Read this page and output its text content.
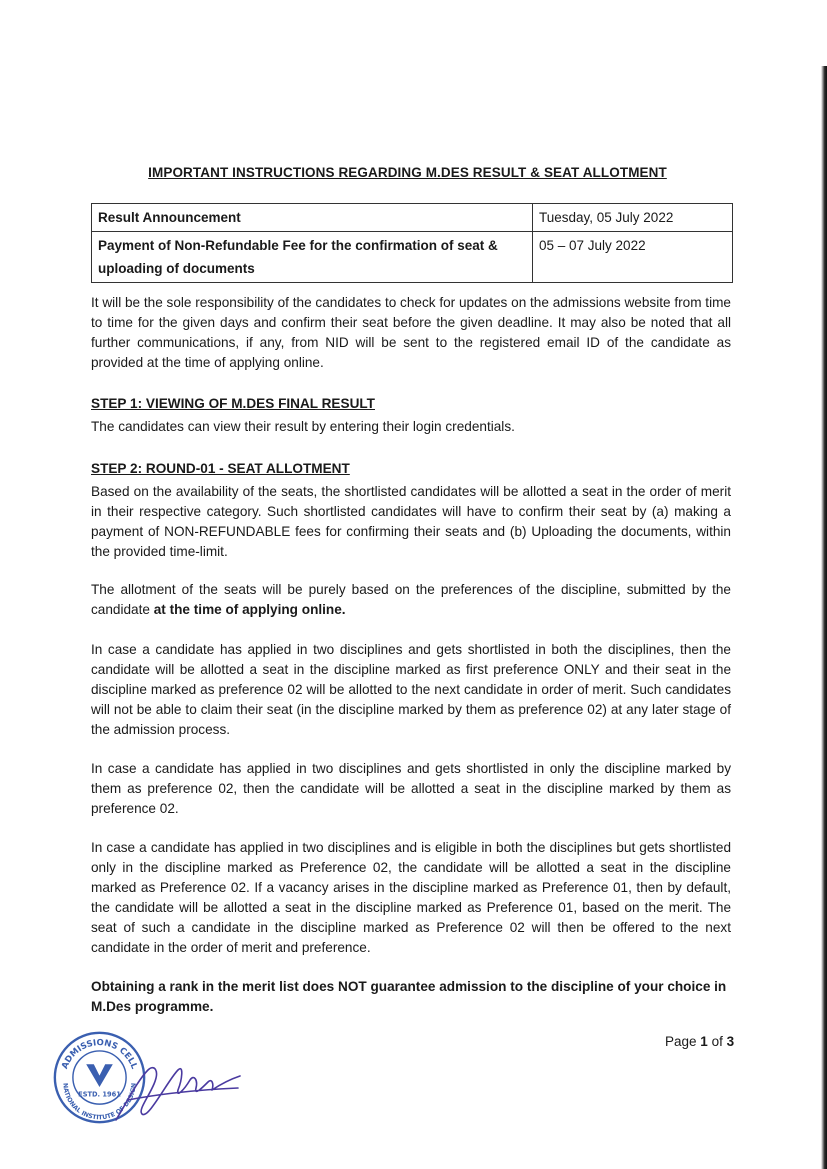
IMPORTANT INSTRUCTIONS REGARDING M.DES RESULT & SEAT ALLOTMENT
Result Announcement	Tuesday, 05 July 2022
Payment of Non-Refundable Fee for the confirmation of seat & uploading of documents	05 – 07 July 2022

It will be the sole responsibility of the candidates to check for updates on the admissions website from time to time for the given days and confirm their seat before the given deadline. It may also be noted that all further communications, if any, from NID will be sent to the registered email ID of the candidate as provided at the time of applying online.

STEP 1: VIEWING OF M.DES FINAL RESULT

The candidates can view their result by entering their login credentials.

STEP 2: ROUND-01 - SEAT ALLOTMENT

Based on the availability of the seats, the shortlisted candidates will be allotted a seat in the order of merit in their respective category. Such shortlisted candidates will have to confirm their seat by (a) making a payment of NON-REFUNDABLE fees for confirming their seats and (b) Uploading the documents, within the provided time-limit.

The allotment of the seats will be purely based on the preferences of the discipline, submitted by the candidate at the time of applying online.

In case a candidate has applied in two disciplines and gets shortlisted in both the disciplines, then the candidate will be allotted a seat in the discipline marked as first preference ONLY and their seat in the discipline marked as preference 02 will be allotted to the next candidate in order of merit. Such candidates will not be able to claim their seat (in the discipline marked by them as preference 02) at any later stage of the admission process.

In case a candidate has applied in two disciplines and gets shortlisted in only the discipline marked by them as preference 02, then the candidate will be allotted a seat in the discipline marked by them as preference 02.

In case a candidate has applied in two disciplines and is eligible in both the disciplines but gets shortlisted only in the discipline marked as Preference 02, the candidate will be allotted a seat in the discipline marked as Preference 02. If a vacancy arises in the discipline marked as Preference 01, then by default, the candidate will be allotted a seat in the discipline marked as Preference 01, based on the merit. The seat of such a candidate in the discipline marked as Preference 02 will then be offered to the next candidate in the order of merit and preference.

Obtaining a rank in the merit list does NOT guarantee admission to the discipline of your choice in M.Des programme.

Page 1 of 3
ADMISSIONS CELL
NATIONAL INSTITUTE OF DESIGN
ESTD. 1961
